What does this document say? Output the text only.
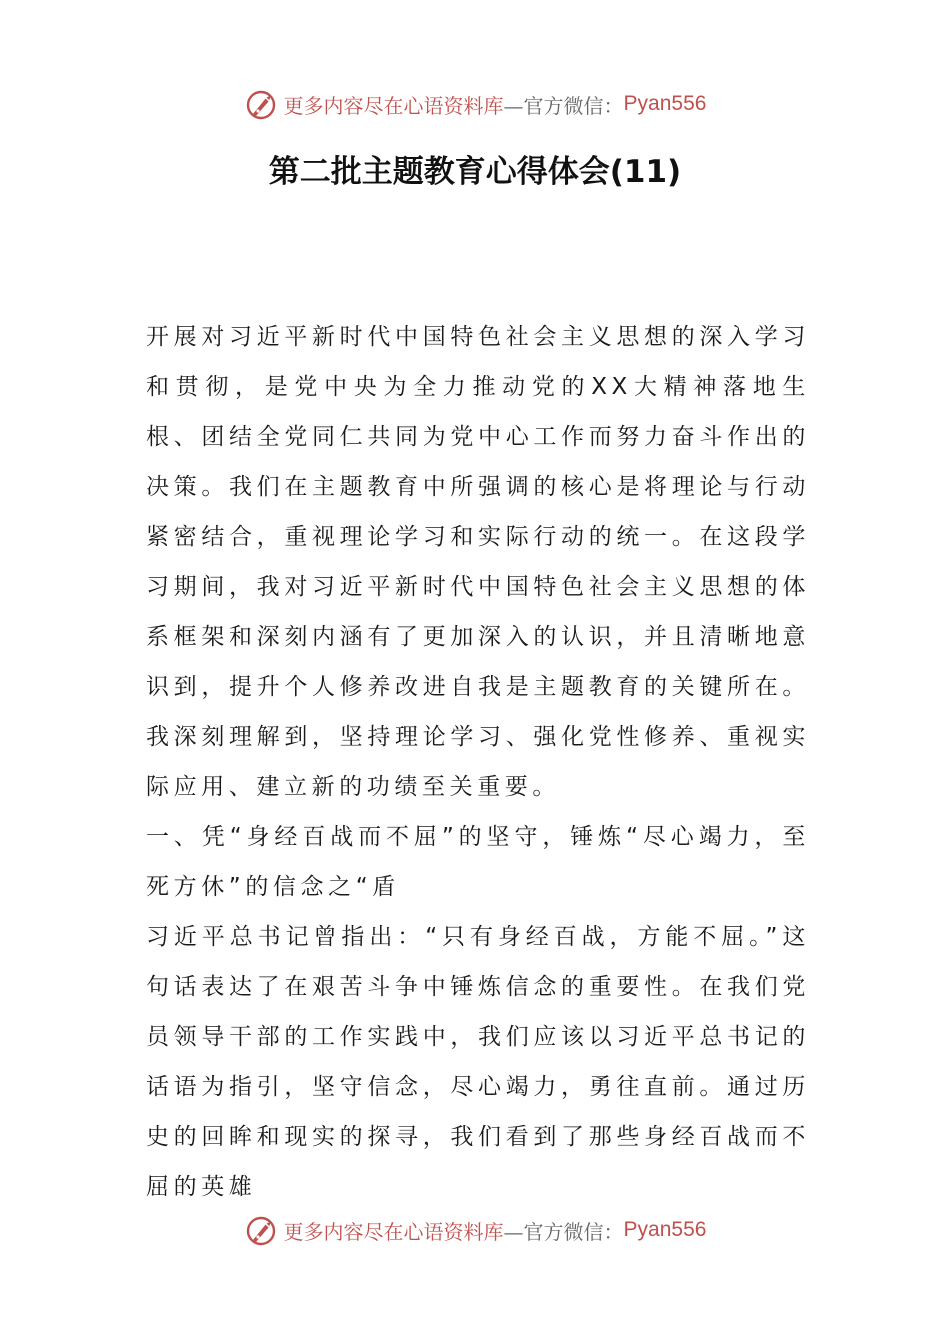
更多内容尽在心语资料库 —官方微信： Pyan556
第二批主题教育心得体会(11)

开展对习近平新时代中国特色社会主义思想的深入学习和贯彻，是党中央为全力推动党的XX大精神落地生根、团结全党同仁共同为党中心工作而努力奋斗作出的决策。我们在主题教育中所强调的核心是将理论与行动紧密结合，重视理论学习和实际行动的统一。在这段学习期间，我对习近平新时代中国特色社会主义思想的体系框架和深刻内涵有了更加深入的认识，并且清晰地意识到，提升个人修养改进自我是主题教育的关键所在。我深刻理解到，坚持理论学习、强化党性修养、重视实际应用、建立新的功绩至关重要。

一、凭“身经百战而不屈”的坚守，锤炼“尽心竭力，至死方休”的信念之“盾

习近平总书记曾指出：“只有身经百战，方能不屈。”这句话表达了在艰苦斗争中锤炼信念的重要性。在我们党员领导干部的工作实践中，我们应该以习近平总书记的话语为指引，坚守信念，尽心竭力，勇往直前。通过历史的回眸和现实的探寻，我们看到了那些身经百战而不屈的英雄

更多内容尽在心语资料库 —官方微信： Pyan556
